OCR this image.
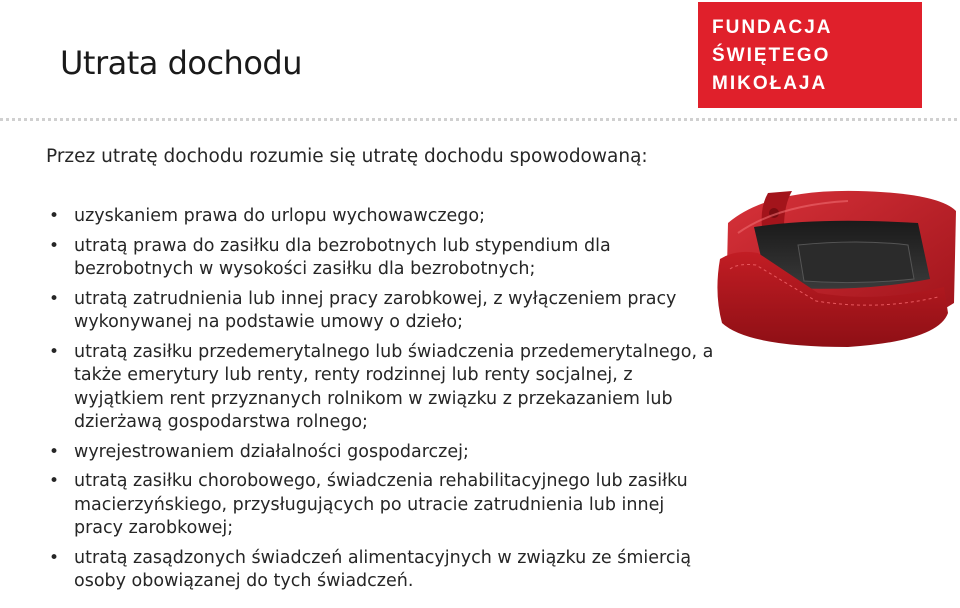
Utrata dochodu
FUNDACJA
ŚWIĘTEGO
MIKOŁAJA

Przez utratę dochodu rozumie się utratę dochodu spowodowaną:

• uzyskaniem prawa do urlopu wychowawczego;
• utratą prawa do zasiłku dla bezrobotnych lub stypendium dla bezrobotnych w wysokości zasiłku dla bezrobotnych;
• utratą zatrudnienia lub innej pracy zarobkowej, z wyłączeniem pracy wykonywanej na podstawie umowy o dzieło;
• utratą zasiłku przedemerytalnego lub świadczenia przedemerytalnego, a także emerytury lub renty, renty rodzinnej lub renty socjalnej, z wyjątkiem rent przyznanych rolnikom w związku z przekazaniem lub dzierżawą gospodarstwa rolnego;
• wyrejestrowaniem działalności gospodarczej;
• utratą zasiłku chorobowego, świadczenia rehabilitacyjnego lub zasiłku macierzyńskiego, przysługujących po utracie zatrudnienia lub innej pracy zarobkowej;
• utratą zasądzonych świadczeń alimentacyjnych w związku ze śmiercią osoby obowiązanej do tych świadczeń.
